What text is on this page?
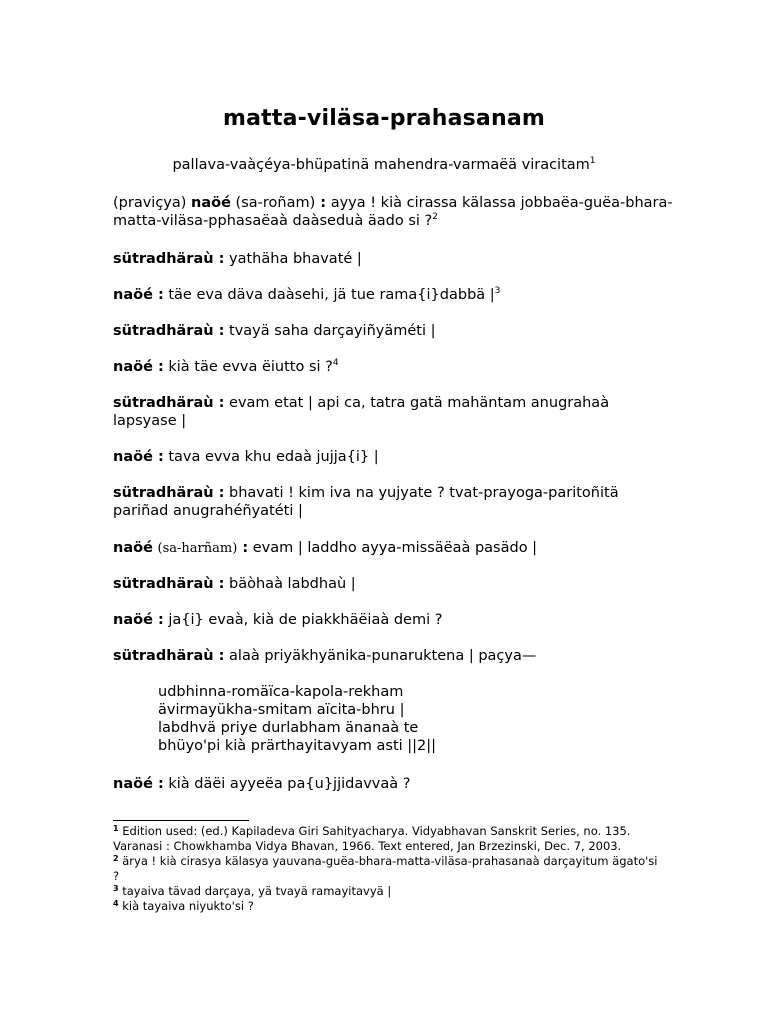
matta-viläsa-prahasanam
pallava-vaàçéya-bhüpatinä mahendra-varmaëä viracitam$^1$
(praviçya) naöé (sa-roñam) : ayya ! kià cirassa kälassa jobbaëa-guëa-bhara-matta-viläsa-pphasaëaà daàseduà äado si ?$^2$
sütradhäraù : yathäha bhavaté |
naöé : täe eva däva daàsehi, jä tue rama{i}dabbä $|^3$
sütradhäraù : tvayä saha darçayiñyäméti |
naöé : kià täe evva ëiutto si ?$^4$
sütradhäraù : evam etat | api ca, tatra gatä mahäntam anugrahaà lapsyase |
naöé : tava evva khu edaà jujja{i} |
sütradhäraù : bhavati ! kim iva na yujyate ? tvat-prayoga-paritoñitä pariñad anugrahéñyatéti |
naöé (sa-harñam) : evam | laddho ayya-missäëaà pasädo |
sütradhäraù : bäòhaà labdhaù |
naöé : ja{i} evaà, kià de piakkhäëiaà demi ?
sütradhäraù : alaà priyäkhyänika-punaruktena | paçya—
udbhinna-romäïca-kapola-rekham
ävirmayükha-smitam aïcita-bhru |
labdhvä priye durlabham änanaà te
bhüyo'pi kià prärthayitavyam asti ||2||
naöé : kià däëi ayyeëa pa{u}jjidavvaà ?
$^1$ Edition used: (ed.) Kapiladeva Giri Sahityacharya. Vidyabhavan Sanskrit Series, no. 135. Varanasi : Chowkhamba Vidya Bhavan, 1966. Text entered, Jan Brzezinski, Dec. 7, 2003.
$^2$ ärya ! kià cirasya kälasya yauvana-guëa-bhara-matta-viläsa-prahasanaà darçayitum ägato'si ?
$^3$ tayaiva tävad darçaya, yä tvayä ramayitavyä |
$^4$ kià tayaiva niyukto'si ?
